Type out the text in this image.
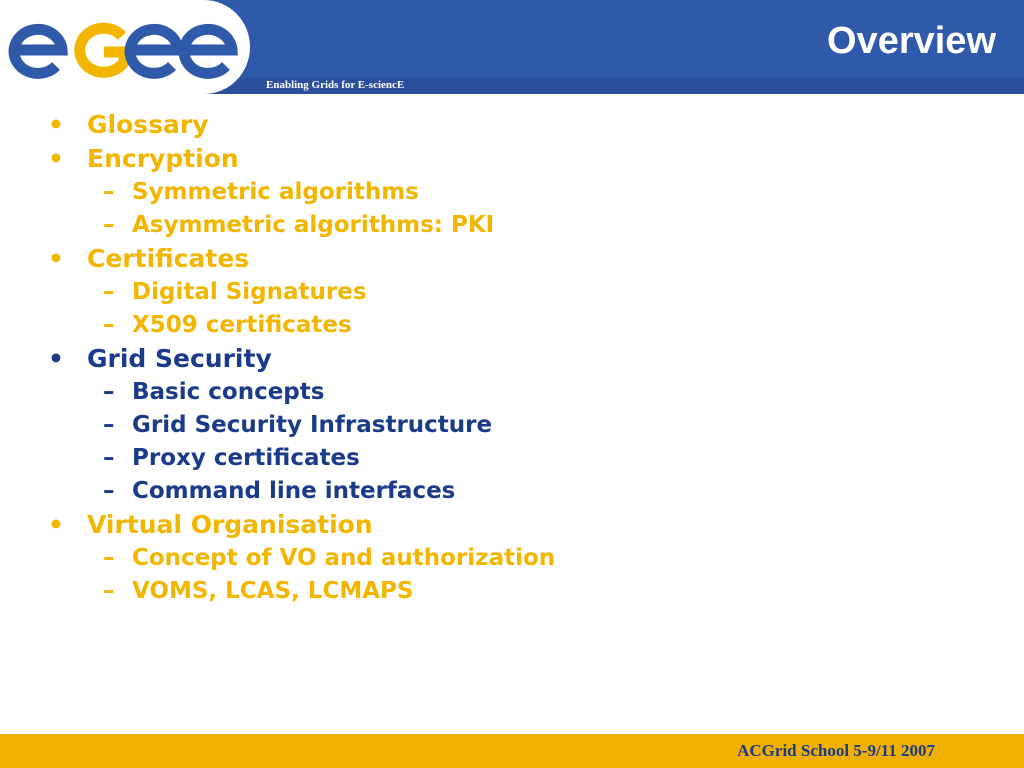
egee
Overview
Enabling Grids for E-sciencE
• Glossary
• Encryption
– Symmetric algorithms
– Asymmetric algorithms: PKI
• Certificates
– Digital Signatures
– X509 certificates
• Grid Security
– Basic concepts
– Grid Security Infrastructure
– Proxy certificates
– Command line interfaces
• Virtual Organisation
– Concept of VO and authorization
– VOMS, LCAS, LCMAPS
ACGrid School 5-9/11 2007
